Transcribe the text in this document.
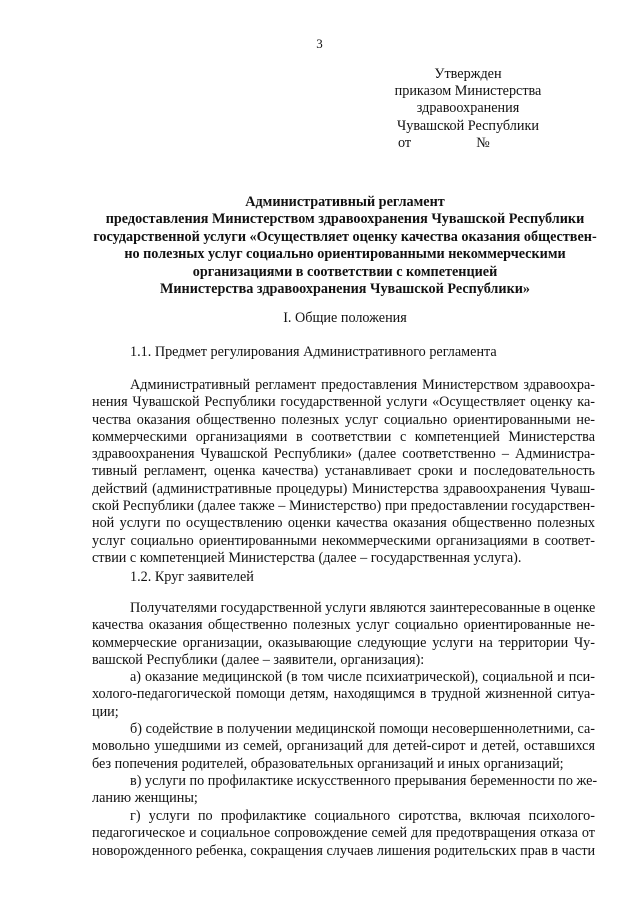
3
Утвержден
приказом Министерства
здравоохранения
Чувашской Республики
от	№
Административный регламент
предоставления Министерством здравоохранения Чувашской Республики
государственной услуги «Осуществляет оценку качества оказания обществен-
но полезных услуг социально ориентированными некоммерческими
организациями в соответствии с компетенцией
Министерства здравоохранения Чувашской Республики»
I. Общие положения
1.1. Предмет регулирования Административного регламента
Административный регламент предоставления Министерством здравоохра-
нения Чувашской Республики государственной услуги «Осуществляет оценку ка-
чества оказания общественно полезных услуг социально ориентированными не-
коммерческими организациями в соответствии с компетенцией Министерства
здравоохранения Чувашской Республики» (далее соответственно – Администра-
тивный регламент, оценка качества) устанавливает сроки и последовательность
действий (административные процедуры) Министерства здравоохранения Чуваш-
ской Республики (далее также – Министерство) при предоставлении государствен-
ной услуги по осуществлению оценки качества оказания общественно полезных
услуг социально ориентированными некоммерческими организациями в соответ-
ствии с компетенцией Министерства (далее – государственная услуга).
1.2. Круг заявителей
Получателями государственной услуги являются заинтересованные в оценке
качества оказания общественно полезных услуг социально ориентированные не-
коммерческие организации, оказывающие следующие услуги на территории Чу-
вашской Республики (далее – заявители, организация):
а) оказание медицинской (в том числе психиатрической), социальной и пси-
холого-педагогической помощи детям, находящимся в трудной жизненной ситуа-
ции;
б) содействие в получении медицинской помощи несовершеннолетними, са-
мовольно ушедшими из семей, организаций для детей-сирот и детей, оставшихся
без попечения родителей, образовательных организаций и иных организаций;
в) услуги по профилактике искусственного прерывания беременности по же-
ланию женщины;
г) услуги по профилактике социального сиротства, включая психолого-
педагогическое и социальное сопровождение семей для предотвращения отказа от
новорожденного ребенка, сокращения случаев лишения родительских прав в части
